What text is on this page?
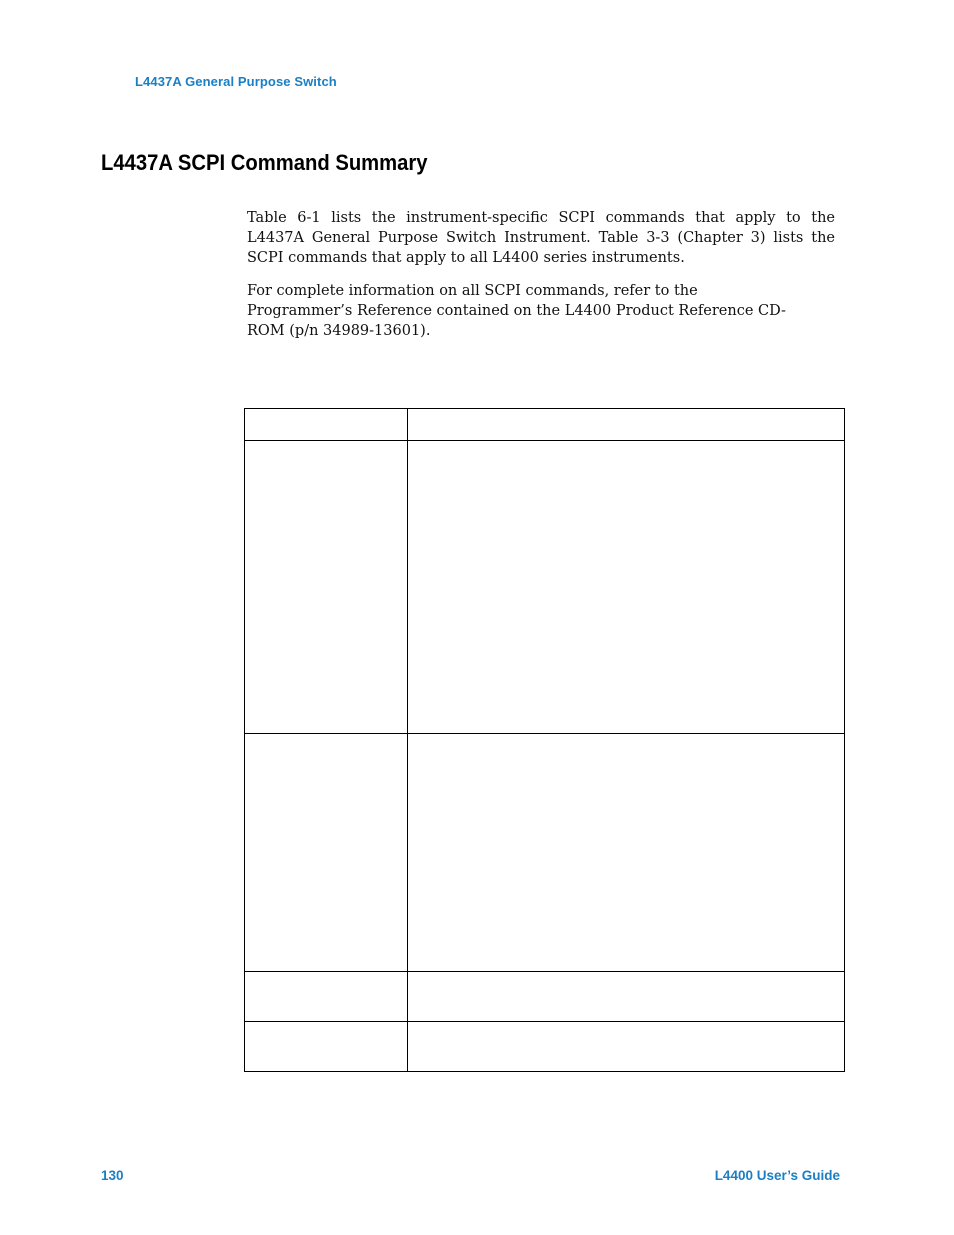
L4437A General Purpose Switch
L4437A SCPI Command Summary

Table 6-1 lists the instrument-specific SCPI commands that apply to the L4437A General Purpose Switch Instrument. Table 3-3 (Chapter 3) lists the SCPI commands that apply to all L4400 series instruments.

For complete information on all SCPI commands, refer to the Programmer’s Reference contained on the L4400 Product Reference CD-ROM (p/n 34989-13601).

130	L4400 User’s Guide
